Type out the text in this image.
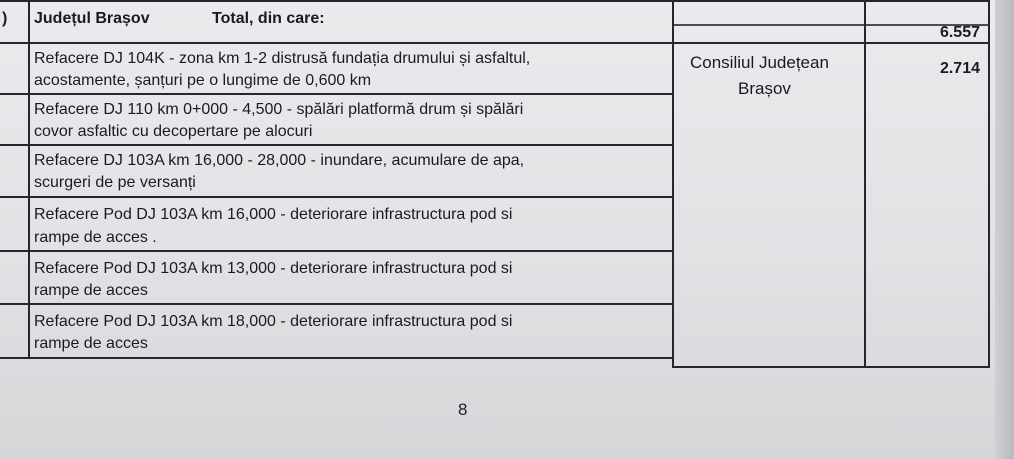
) Județul Brașov	Total, din care:
6.557
Consiliul Județean
Brașov
2.714
Refacere DJ 104K - zona km 1-2 distrusă fundația drumului și asfaltul,
acostamente, șanțuri pe o lungime de 0,600 km
Refacere DJ 110 km 0+000 - 4,500 - spălări platformă drum și spălări
covor asfaltic cu decopertare pe alocuri
Refacere DJ 103A km 16,000 - 28,000 - inundare, acumulare de apa,
scurgeri de pe versanți
Refacere Pod DJ 103A km 16,000 - deteriorare infrastructura pod si
rampe de acces .
Refacere Pod DJ 103A km 13,000 - deteriorare infrastructura pod si
rampe de acces
Refacere Pod DJ 103A km 18,000 - deteriorare infrastructura pod si
rampe de acces
8
